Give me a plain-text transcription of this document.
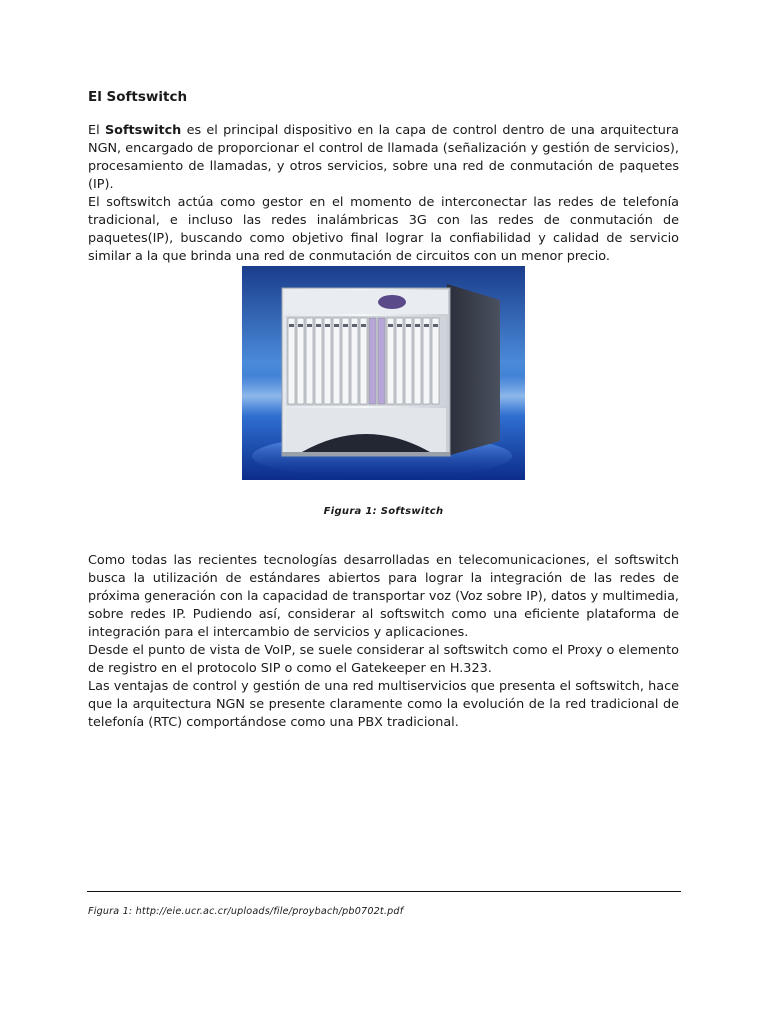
El Softswitch

El Softswitch es el principal dispositivo en la capa de control dentro de una arquitectura NGN, encargado de proporcionar el control de llamada (señalización y gestión de servicios), procesamiento de llamadas, y otros servicios, sobre una red de conmutación de paquetes (IP).

El softswitch actúa como gestor en el momento de interconectar las redes de telefonía tradicional, e incluso las redes inalámbricas 3G con las redes de conmutación de paquetes(IP), buscando como objetivo final lograr la confiabilidad y calidad de servicio similar a la que brinda una red de conmutación de circuitos con un menor precio.

Figura 1: Softswitch

Como todas las recientes tecnologías desarrolladas en telecomunicaciones, el softswitch busca la utilización de estándares abiertos para lograr la integración de las redes de próxima generación con la capacidad de transportar voz (Voz sobre IP), datos y multimedia, sobre redes IP. Pudiendo así, considerar al softswitch como una eficiente plataforma de integración para el intercambio de servicios y aplicaciones.

Desde el punto de vista de VoIP, se suele considerar al softswitch como el Proxy o elemento de registro en el protocolo SIP o como el Gatekeeper en H.323.

Las ventajas de control y gestión de una red multiservicios que presenta el softswitch, hace que la arquitectura NGN se presente claramente como la evolución de la red tradicional de telefonía (RTC) comportándose como una PBX tradicional.

Figura 1: http://eie.ucr.ac.cr/uploads/file/proybach/pb0702t.pdf
